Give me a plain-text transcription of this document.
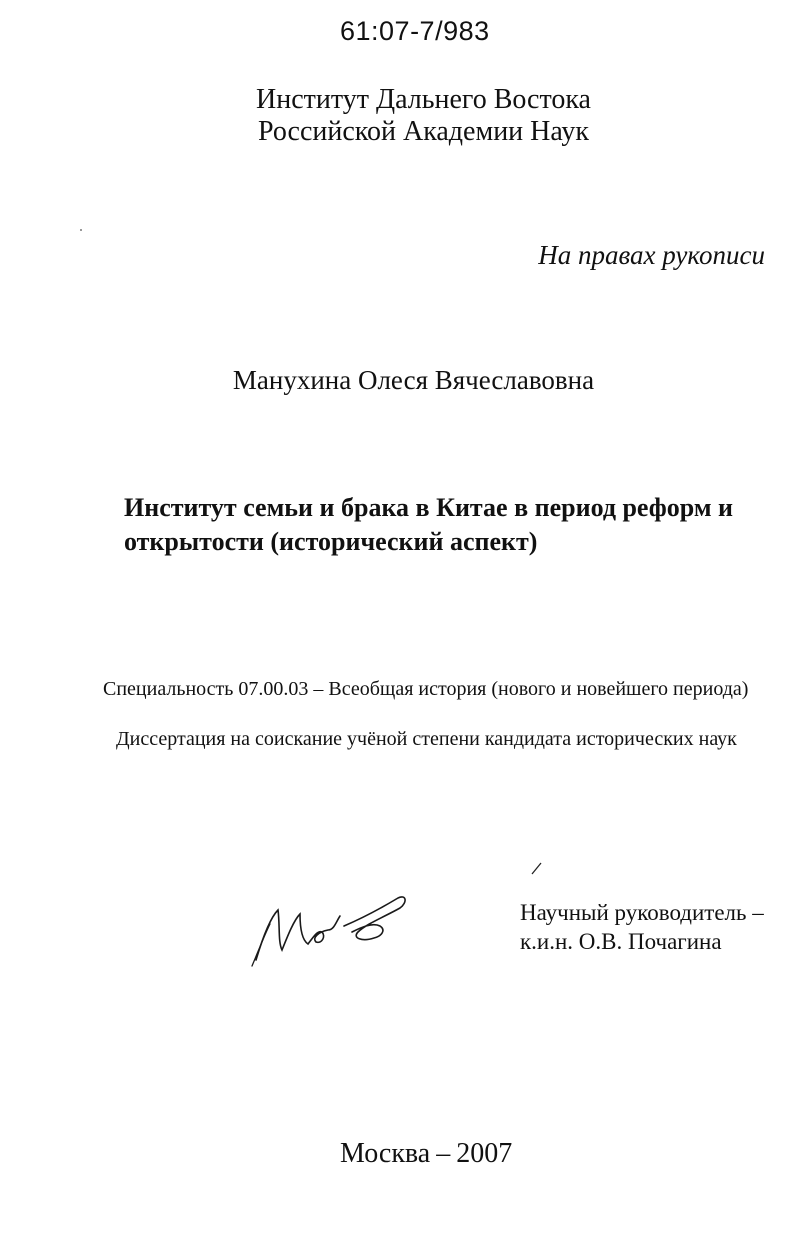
61:07-7/983
Институт Дальнего Востока
Российской Академии Наук
На правах рукописи
Манухина Олеся Вячеславовна
Институт семьи и брака в Китае в период реформ и
открытости (исторический аспект)
Специальность 07.00.03 – Всеобщая история (нового и новейшего периода)
Диссертация на соискание учёной степени кандидата исторических наук
Научный руководитель –
к.и.н. О.В. Почагина
Москва – 2007
